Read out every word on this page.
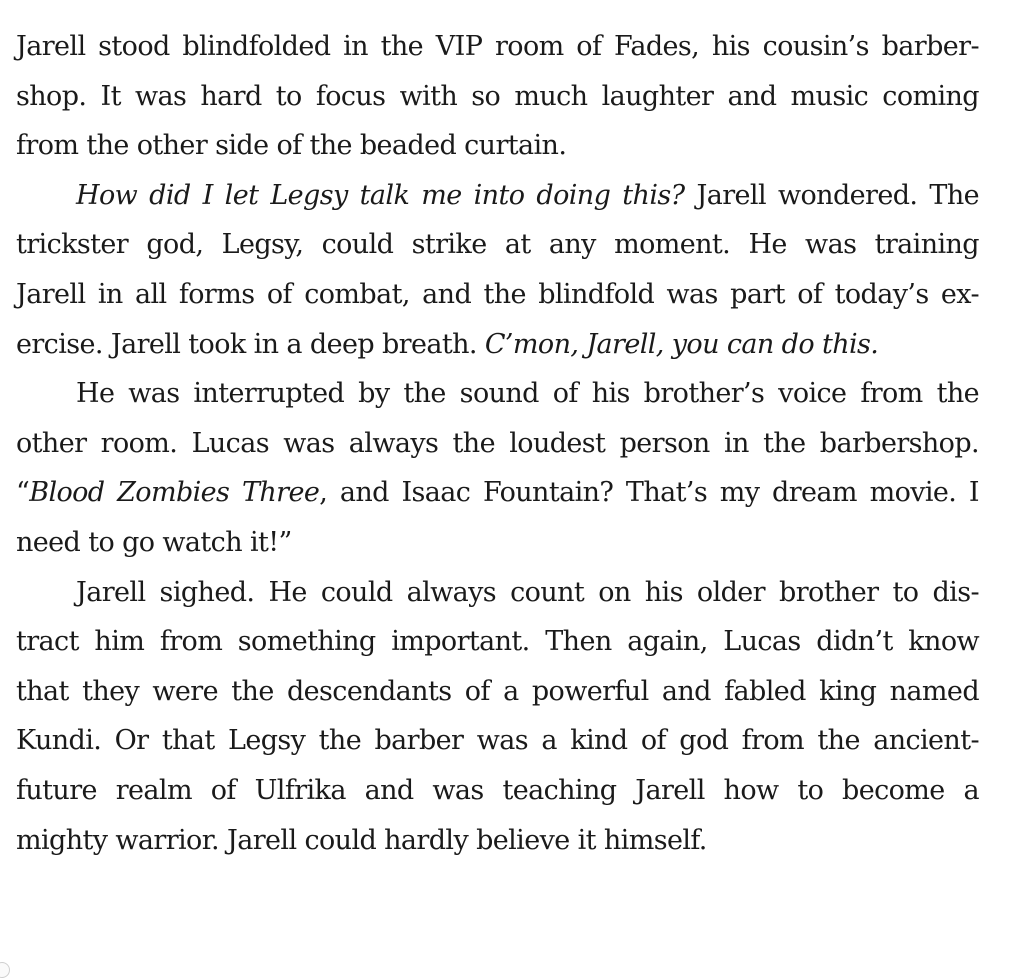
Jarell stood blindfolded in the VIP room of Fades, his cousin’s barber-
shop. It was hard to focus with so much laughter and music coming
from the other side of the beaded curtain.
How did I let Legsy talk me into doing this? Jarell wondered. The
trickster god, Legsy, could strike at any moment. He was training
Jarell in all forms of combat, and the blindfold was part of today’s ex-
ercise. Jarell took in a deep breath. C’mon, Jarell, you can do this.
He was interrupted by the sound of his brother’s voice from the
other room. Lucas was always the loudest person in the barbershop.
“Blood Zombies Three, and Isaac Fountain? That’s my dream movie. I
need to go watch it!”
Jarell sighed. He could always count on his older brother to dis-
tract him from something important. Then again, Lucas didn’t know
that they were the descendants of a powerful and fabled king named
Kundi. Or that Legsy the barber was a kind of god from the ancient-
future realm of Ulfrika and was teaching Jarell how to become a
mighty warrior. Jarell could hardly believe it himself.
